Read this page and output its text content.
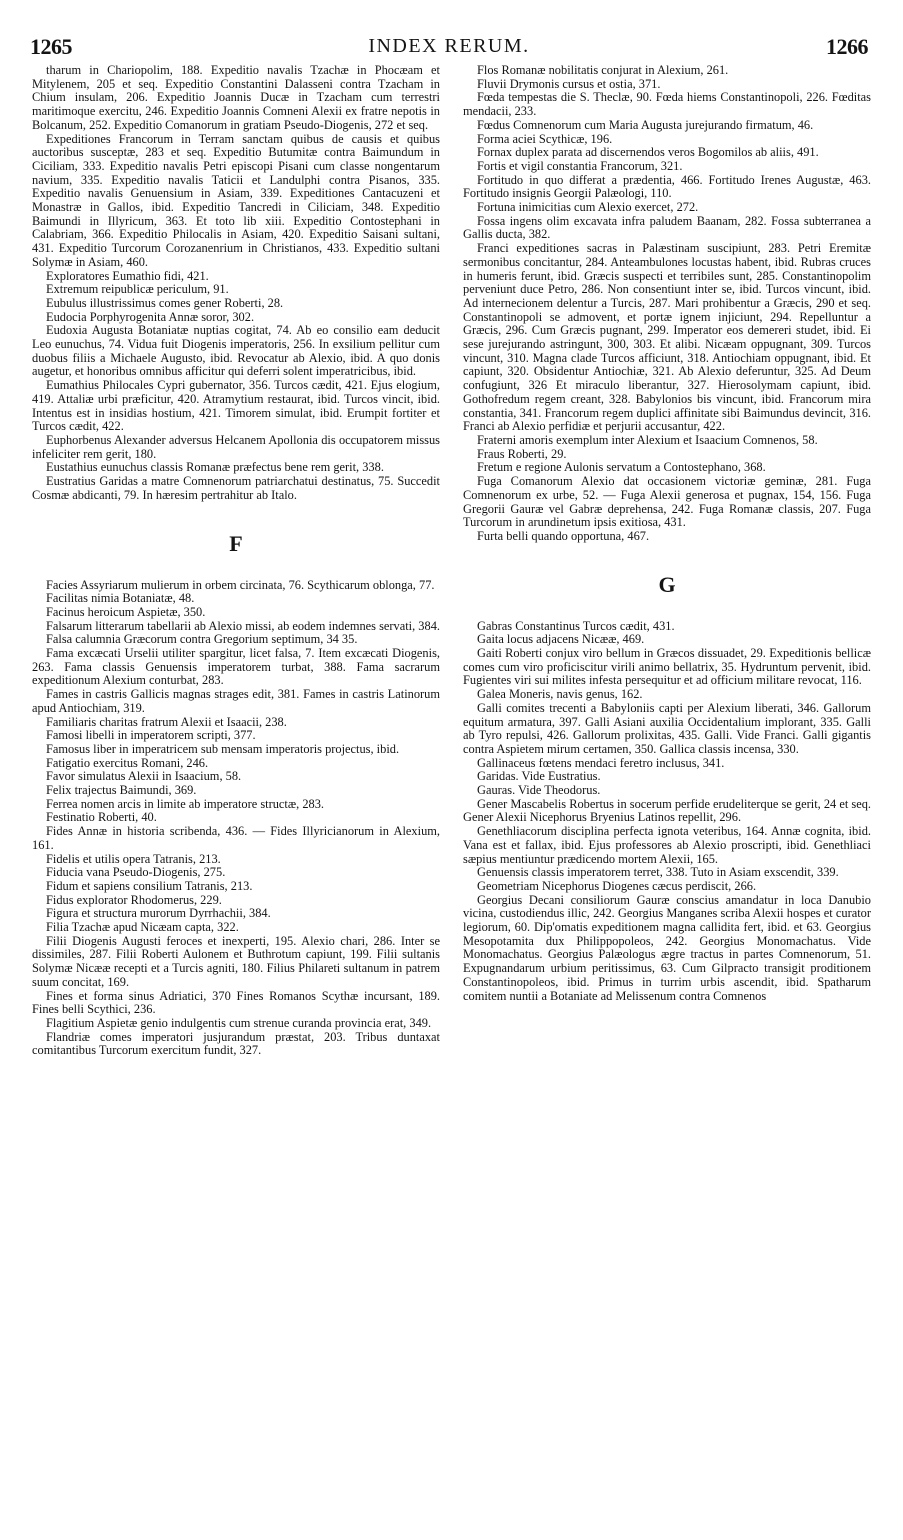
1265	INDEX RERUM.	1266

tharum in Chariopolim, 188. Expeditio navalis Tzachæ in Phocæam et Mitylenem, 205 et seq. Expeditio Constantini Dalasseni contra Tzacham in Chium insulam, 206. Expeditio Joannis Ducæ in Tzacham cum terrestri maritimoque exercitu, 246. Expeditio Joannis Comneni Alexii ex fratre nepotis in Bolcanum, 252. Expeditio Comanorum in gratiam Pseudo-Diogenis, 272 et seq.

Expeditiones Francorum in Terram sanctam quibus de causis et quibus auctoribus susceptæ, 283 et seq. Expeditio Butumitæ contra Baimundum in Ciciliam, 333. Expeditio navalis Petri episcopi Pisani cum classe nongentarum navium, 335. Expeditio navalis Taticii et Landulphi contra Pisanos, 335. Expeditio navalis Genuensium in Asiam, 339. Expeditiones Cantacuzeni et Monastræ in Gallos, ibid. Expeditio Tancredi in Ciliciam, 348. Expeditio Baimundi in Illyricum, 363. Et toto lib xiii. Expeditio Contostephani in Calabriam, 366. Expeditio Philocalis in Asiam, 420. Expeditio Saisani sultani, 431. Expeditio Turcorum Corozanenrium in Christianos, 433. Expeditio sultani Solymæ in Asiam, 460.

Exploratores Eumathio fidi, 421.

Extremum reipublicæ periculum, 91.

Eubulus illustrissimus comes gener Roberti, 28.

Eudocia Porphyrogenita Annæ soror, 302.

Eudoxia Augusta Botaniatæ nuptias cogitat, 74. Ab eo consilio eam deducit Leo eunuchus, 74. Vidua fuit Diogenis imperatoris, 256. In exsilium pellitur cum duobus filiis a Michaele Augusto, ibid. Revocatur ab Alexio, ibid. A quo donis augetur, et honoribus omnibus afficitur qui deferri solent imperatricibus, ibid.

Eumathius Philocales Cypri gubernator, 356. Turcos cædit, 421. Ejus elogium, 419. Attaliæ urbi præficitur, 420. Atramytium restaurat, ibid. Turcos vincit, ibid. Intentus est in insidias hostium, 421. Timorem simulat, ibid. Erumpit fortiter et Turcos cædit, 422.

Euphorbenus Alexander adversus Helcanem Apollonia dis occupatorem missus infeliciter rem gerit, 180.

Eustathius eunuchus classis Romanæ præfectus bene rem gerit, 338.

Eustratius Garidas a matre Comnenorum patriarchatui destinatus, 75. Succedit Cosmæ abdicanti, 79. In hæresim pertrahitur ab Italo.

F

Facies Assyriarum mulierum in orbem circinata, 76. Scythicarum oblonga, 77.

Facilitas nimia Botaniatæ, 48.

Facinus heroicum Aspietæ, 350.

Falsarum litterarum tabellarii ab Alexio missi, ab eodem indemnes servati, 384.

Falsa calumnia Græcorum contra Gregorium septimum, 34 35.

Fama excæcati Urselii utiliter spargitur, licet falsa, 7. Item excæcati Diogenis, 263. Fama classis Genuensis imperatorem turbat, 388. Fama sacrarum expeditionum Alexium conturbat, 283.

Fames in castris Gallicis magnas strages edit, 381. Fames in castris Latinorum apud Antiochiam, 319.

Familiaris charitas fratrum Alexii et Isaacii, 238.

Famosi libelli in imperatorem scripti, 377.

Famosus liber in imperatricem sub mensam imperatoris projectus, ibid.

Fatigatio exercitus Romani, 246.

Favor simulatus Alexii in Isaacium, 58.

Felix trajectus Baimundi, 369.

Ferrea nomen arcis in limite ab imperatore structæ, 283.

Festinatio Roberti, 40.

Fides Annæ in historia scribenda, 436. — Fides Illyricianorum in Alexium, 161.

Fidelis et utilis opera Tatranis, 213.

Fiducia vana Pseudo-Diogenis, 275.

Fidum et sapiens consilium Tatranis, 213.

Fidus explorator Rhodomerus, 229.

Figura et structura murorum Dyrrhachii, 384.

Filia Tzachæ apud Nicæam capta, 322.

Filii Diogenis Augusti feroces et inexperti, 195. Alexio chari, 286. Inter se dissimiles, 287. Filii Roberti Aulonem et Buthrotum capiunt, 199. Filii sultanis Solymæ Nicææ recepti et a Turcis agniti, 180. Filius Philareti sultanum in patrem suum concitat, 169.

Fines et forma sinus Adriatici, 370 Fines Romanos Scythæ incursant, 189. Fines belli Scythici, 236.

Flagitium Aspietæ genio indulgentis cum strenue curanda provincia erat, 349.

Flandriæ comes imperatori jusjurandum præstat, 203. Tribus duntaxat comitantibus Turcorum exercitum fundit, 327.

Flos Romanæ nobilitatis conjurat in Alexium, 261.

Fluvii Drymonis cursus et ostia, 371.

Fœda tempestas die S. Theclæ, 90. Fœda hiems Constantinopoli, 226. Fœditas mendacii, 233.

Fœdus Comnenorum cum Maria Augusta jurejurando firmatum, 46.

Forma aciei Scythicæ, 196.

Fornax duplex parata ad discernendos veros Bogomilos ab aliis, 491.

Fortis et vigil constantia Francorum, 321.

Fortitudo in quo differat a prædentia, 466. Fortitudo Irenes Augustæ, 463. Fortitudo insignis Georgii Palæologi, 110.

Fortuna inimicitias cum Alexio exercet, 272.

Fossa ingens olim excavata infra paludem Baanam, 282. Fossa subterranea a Gallis ducta, 382.

Franci expeditiones sacras in Palæstinam suscipiunt, 283. Petri Eremitæ sermonibus concitantur, 284. Anteambulones locustas habent, ibid. Rubras cruces in humeris ferunt, ibid. Græcis suspecti et terribiles sunt, 285. Constantinopolim perveniunt duce Petro, 286. Non consentiunt inter se, ibid. Turcos vincunt, ibid. Ad internecionem delentur a Turcis, 287. Mari prohibentur a Græcis, 290 et seq. Constantinopoli se admovent, et portæ ignem injiciunt, 294. Repelluntur a Græcis, 296. Cum Græcis pugnant, 299. Imperator eos demereri studet, ibid. Ei sese jurejurando astringunt, 300, 303. Et alibi. Nicæam oppugnant, 309. Turcos vincunt, 310. Magna clade Turcos afficiunt, 318. Antiochiam oppugnant, ibid. Et capiunt, 320. Obsidentur Antiochiæ, 321. Ab Alexio deferuntur, 325. Ad Deum confugiunt, 326 Et miraculo liberantur, 327. Hierosolymam capiunt, ibid. Gothofredum regem creant, 328. Babylonios bis vincunt, ibid. Francorum mira constantia, 341. Francorum regem duplici affinitate sibi Baimundus devincit, 316. Franci ab Alexio perfidiæ et perjurii accusantur, 422.

Fraterni amoris exemplum inter Alexium et Isaacium Comnenos, 58.

Fraus Roberti, 29.

Fretum e regione Aulonis servatum a Contostephano, 368.

Fuga Comanorum Alexio dat occasionem victoriæ geminæ, 281. Fuga Comnenorum ex urbe, 52. — Fuga Alexii generosa et pugnax, 154, 156. Fuga Gregorii Gauræ vel Gabræ deprehensa, 242. Fuga Romanæ classis, 207. Fuga Turcorum in arundinetum ipsis exitiosa, 431.

Furta belli quando opportuna, 467.

G

Gabras Constantinus Turcos cædit, 431.

Gaita locus adjacens Nicææ, 469.

Gaiti Roberti conjux viro bellum in Græcos dissuadet, 29. Expeditionis bellicæ comes cum viro proficiscitur virili animo bellatrix, 35. Hydruntum pervenit, ibid. Fugientes viri sui milites infesta persequitur et ad officium militare revocat, 116.

Galea Moneris, navis genus, 162.

Galli comites trecenti a Babyloniis capti per Alexium liberati, 346. Gallorum equitum armatura, 397. Galli Asiani auxilia Occidentalium implorant, 335. Galli ab Tyro repulsi, 426. Gallorum prolixitas, 435. Galli. Vide Franci. Galli gigantis contra Aspietem mirum certamen, 350. Gallica classis incensa, 330.

Gallinaceus fœtens mendaci feretro inclusus, 341.

Garidas. Vide Eustratius.

Gauras. Vide Theodorus.

Gener Mascabelis Robertus in socerum perfide erudeliterque se gerit, 24 et seq. Gener Alexii Nicephorus Bryenius Latinos repellit, 296.

Genethliacorum disciplina perfecta ignota veteribus, 164. Annæ cognita, ibid. Vana est et fallax, ibid. Ejus professores ab Alexio proscripti, ibid. Genethliaci sæpius mentiuntur prædicendo mortem Alexii, 165.

Genuensis classis imperatorem terret, 338. Tuto in Asiam exscendit, 339.

Geometriam Nicephorus Diogenes cæcus perdiscit, 266.

Georgius Decani consiliorum Gauræ conscius amandatur in loca Danubio vicina, custodiendus illic, 242. Georgius Manganes scriba Alexii hospes et curator legiorum, 60. Dip'omatis expeditionem magna callidita fert, ibid. et 63. Georgius Mesopotamita dux Philippopoleos, 242. Georgius Monomachatus. Vide Monomachatus. Georgius Palæologus ægre tractus in partes Comnenorum, 51. Expugnandarum urbium peritissimus, 63. Cum Gilpracto transigit proditionem Constantinopoleos, ibid. Primus in turrim urbis ascendit, ibid. Spatharum comitem nuntii a Botaniate ad Melissenum contra Comnenos
